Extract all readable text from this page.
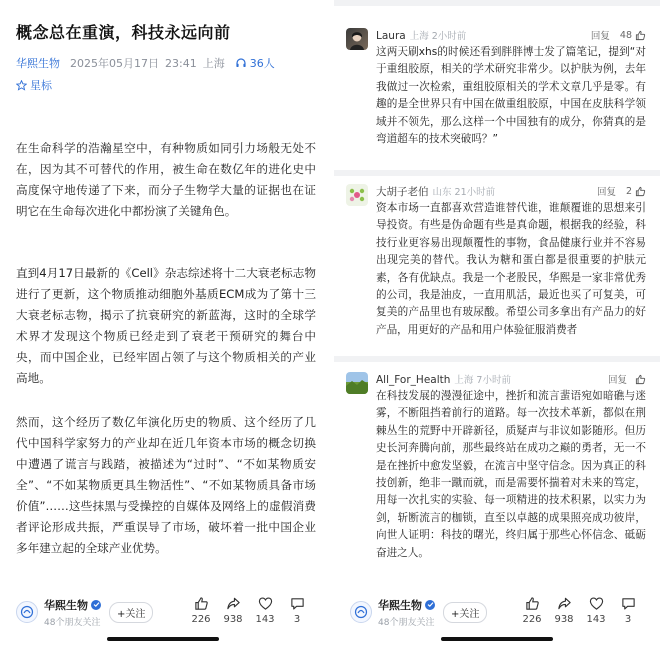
概念总在重演，科技永远向前
华熙生物 2025年05月17日 23:41 上海 36人
星标
在生命科学的浩瀚星空中，有种物质如同引力场般无处不在，因为其不可替代的作用，被生命在数亿年的进化史中高度保守地传递了下来，而分子生物学大量的证据也在证明它在生命每次进化中都扮演了关键角色。
直到4月17日最新的《Cell》杂志综述将十二大衰老标志物进行了更新，这个物质推动细胞外基质ECM成为了第十三大衰老标志物，揭示了抗衰研究的新蓝海，这时的全球学术界才发现这个物质已经走到了衰老干预研究的舞台中央，而中国企业，已经牢固占领了与这个物质相关的产业高地。
然而，这个经历了数亿年演化历史的物质、这个经历了几代中国科学家努力的产业却在近几年资本市场的概念切换中遭遇了谎言与践踏，被描述为“过时”、“不如某物质安全”、“不如某物质更具生物活性”、“不如某物质具备市场价值”……这些抹黑与受操控的自媒体及网络上的虚假消费者评论形成共振，严重误导了市场，破坏着一批中国企业多年建立起的全球产业优势。
华熙生物
48个朋友关注
+关注	226 938 143 3
Laura 上海 2小时前	回复 48
这两天刷xhs的时候还看到胖胖博士发了篇笔记，提到“对于重组胶原，相关的学术研究非常少。以护肤为例，去年我做过一次检索，重组胶原相关的学术文章几乎是零。有趣的是全世界只有中国在做重组胶原，中国在皮肤科学领域并不领先，那么这样一个中国独有的成分，你猜真的是弯道超车的技术突破吗？”
大胡子老伯 山东 21小时前	回复 2
资本市场一直都喜欢营造谁替代谁，谁颠覆谁的思想来引导投资。有些是伪命题有些是真命题，根据我的经验，科技行业更容易出现颠覆性的事物，食品健康行业并不容易出现完美的替代。我认为糖和蛋白都是很重要的护肤元素，各有优缺点。我是一个老股民，华熙是一家非常优秀的公司，我是油皮，一直用肌活，最近也买了可复美，可复美的产品里也有玻尿酸。希望公司多拿出有产品力的好产品，用更好的产品和用户体验征服消费者
All_For_Health 上海 7小时前	回复
在科技发展的漫漫征途中，挫折和流言蜚语宛如暗礁与迷雾，不断阻挡着前行的道路。每一次技术革新，都似在荆棘丛生的荒野中开辟新径，质疑声与非议如影随形。但历史长河奔腾向前，那些最终站在成功之巅的勇者，无一不是在挫折中愈发坚毅，在流言中坚守信念。因为真正的科技创新，绝非一蹴而就，而是需要怀揣着对未来的笃定，用每一次扎实的实验、每一项精进的技术积累，以实力为剑，斩断流言的枷锁，直至以卓越的成果照亮成功彼岸，向世人证明：科技的曙光，终归属于那些心怀信念、砥砺奋进之人。
华熙生物
48个朋友关注
+关注	226 938 143 3
